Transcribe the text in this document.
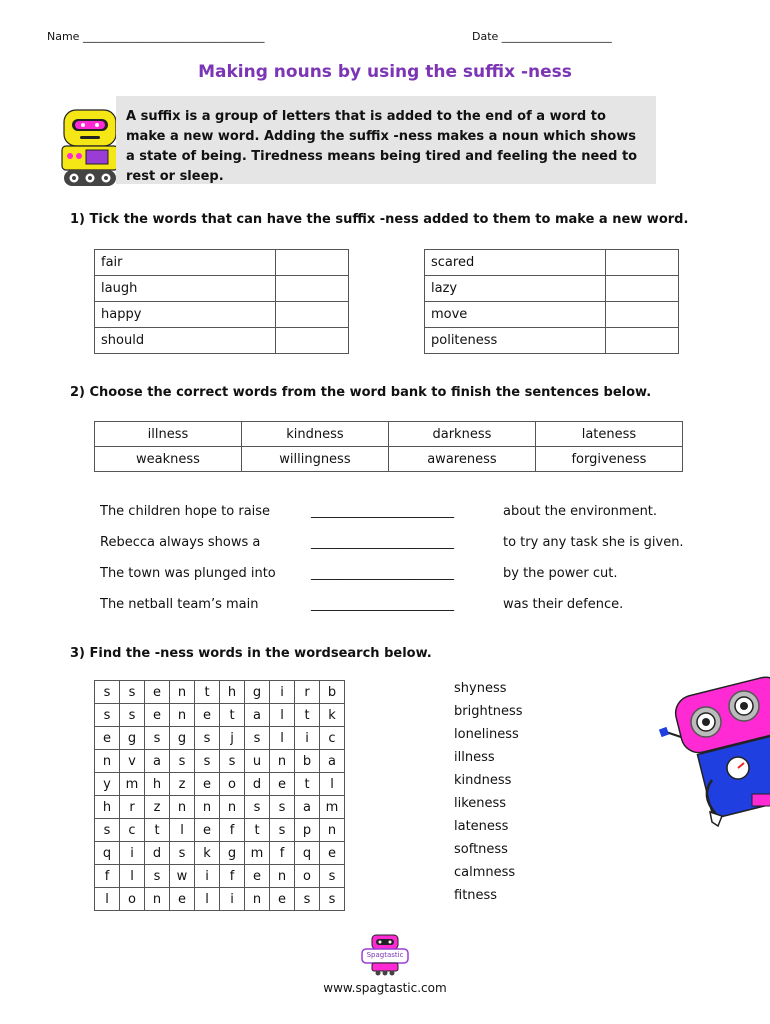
Name _________________________________	Date ____________________
Making nouns by using the suffix -ness

A suffix is a group of letters that is added to the end of a word to make a new word. Adding the suffix -ness makes a noun which shows a state of being. Tiredness means being tired and feeling the need to rest or sleep.

1) Tick the words that can have the suffix -ness added to them to make a new word.
fair	
laugh	
happy	
should	
scared	
lazy	
move	
politeness	
2) Choose the correct words from the word bank to finish the sentences below.
illness	kindness	darkness	lateness
weakness	willingness	awareness	forgiveness
The children hope to raise	______________________	about the environment.
Rebecca always shows a	______________________	to try any task she is given.
The town was plunged into	______________________	by the power cut.
The netball team’s main	______________________	was their defence.
3) Find the -ness words in the wordsearch below.
s	s	e	n	t	h	g	i	r	b
s	s	e	n	e	t	a	l	t	k
e	g	s	g	s	j	s	l	i	c
n	v	a	s	s	s	u	n	b	a
y	m	h	z	e	o	d	e	t	l
h	r	z	n	n	n	s	s	a	m
s	c	t	l	e	f	t	s	p	n
q	i	d	s	k	g	m	f	q	e
f	l	s	w	i	f	e	n	o	s
l	o	n	e	l	i	n	e	s	s
shyness
brightness
loneliness
illness
kindness
likeness
lateness
softness
calmness
fitness
Spagtastic
www.spagtastic.com
